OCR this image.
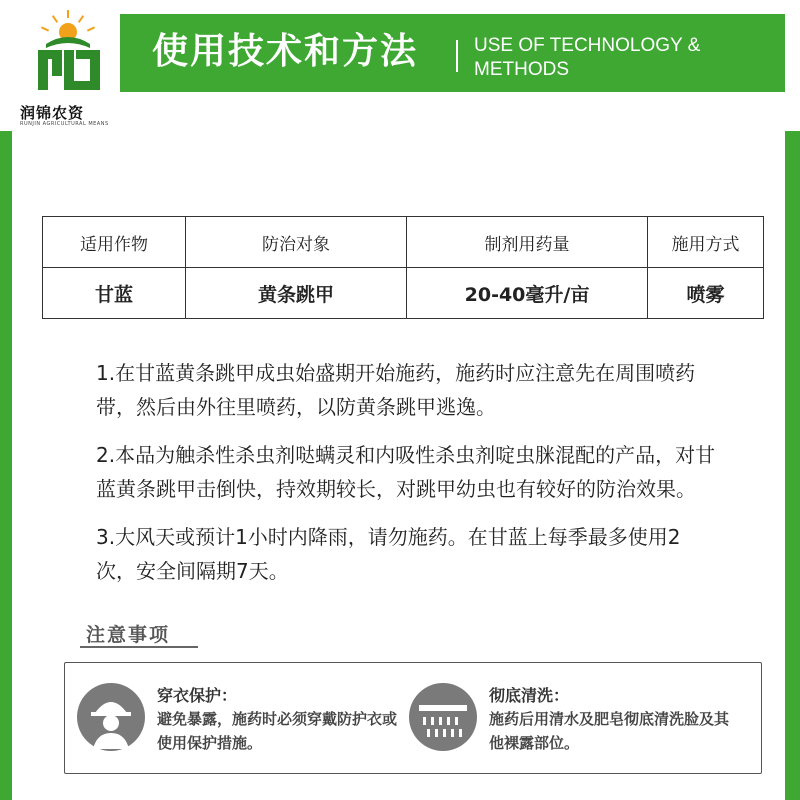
润锦农资
RUNJIN AGRICULTURAL MEANS
使用技术和方法	USE OF TECHNOLOGY &
METHODS
适用作物	防治对象	制剂用药量	施用方式
甘蓝	黄条跳甲	20-40毫升/亩	喷雾

1.在甘蓝黄条跳甲成虫始盛期开始施药，施药时应注意先在周围喷药带，然后由外往里喷药，以防黄条跳甲逃逸。

2.本品为触杀性杀虫剂哒螨灵和内吸性杀虫剂啶虫脒混配的产品，对甘蓝黄条跳甲击倒快，持效期较长，对跳甲幼虫也有较好的防治效果。

3.大风天或预计1小时内降雨，请勿施药。在甘蓝上每季最多使用2次，安全间隔期7天。

注意事项
穿衣保护：
避免暴露，施药时必须穿戴防护衣或使用保护措施。
彻底清洗：
施药后用清水及肥皂彻底清洗脸及其他裸露部位。
